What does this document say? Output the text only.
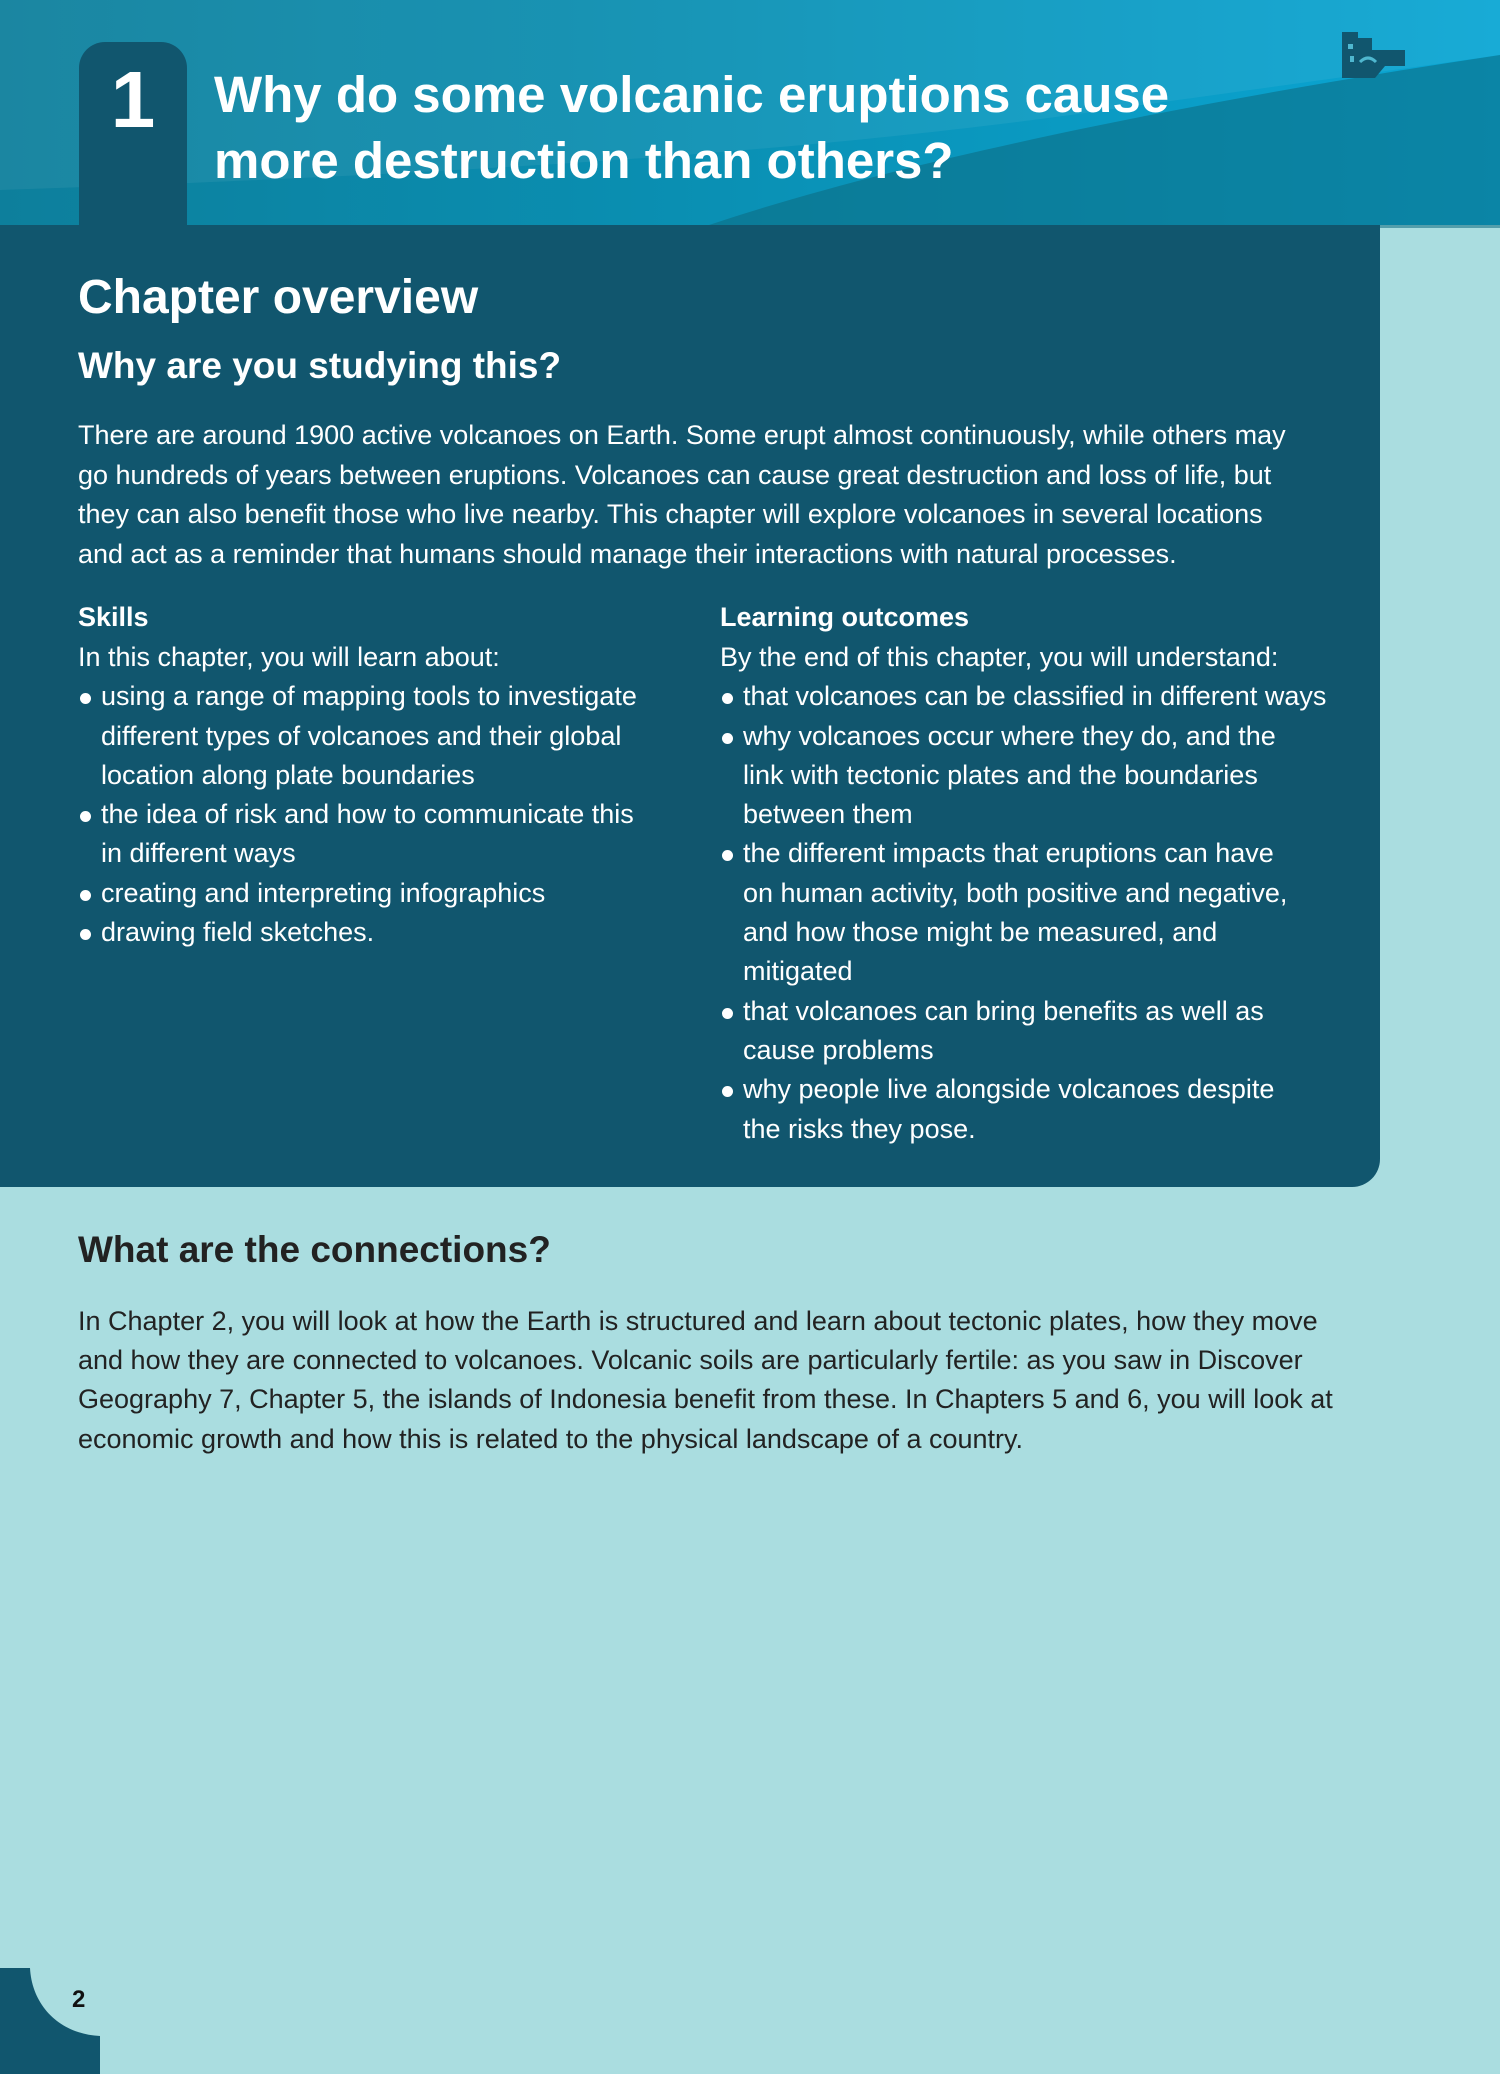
1	Why do some volcanic eruptions cause more destruction than others?
Chapter overview
Why are you studying this?

There are around 1900 active volcanoes on Earth. Some erupt almost continuously, while others may
go hundreds of years between eruptions. Volcanoes can cause great destruction and loss of life, but
they can also benefit those who live nearby. This chapter will explore volcanoes in several locations
and act as a reminder that humans should manage their interactions with natural processes.

Skills

In this chapter, you will learn about:

using a range of mapping tools to investigate
different types of volcanoes and their global
location along plate boundaries
the idea of risk and how to communicate this
in different ways
creating and interpreting infographics
drawing field sketches.
Learning outcomes

By the end of this chapter, you will understand:

that volcanoes can be classified in different ways
why volcanoes occur where they do, and the
link with tectonic plates and the boundaries
between them
the different impacts that eruptions can have
on human activity, both positive and negative,
and how those might be measured, and
mitigated
that volcanoes can bring benefits as well as
cause problems
why people live alongside volcanoes despite
the risks they pose.
What are the connections?

In Chapter 2, you will look at how the Earth is structured and learn about tectonic plates, how they move
and how they are connected to volcanoes. Volcanic soils are particularly fertile: as you saw in Discover
Geography 7, Chapter 5, the islands of Indonesia benefit from these. In Chapters 5 and 6, you will look at
economic growth and how this is related to the physical landscape of a country.

2
